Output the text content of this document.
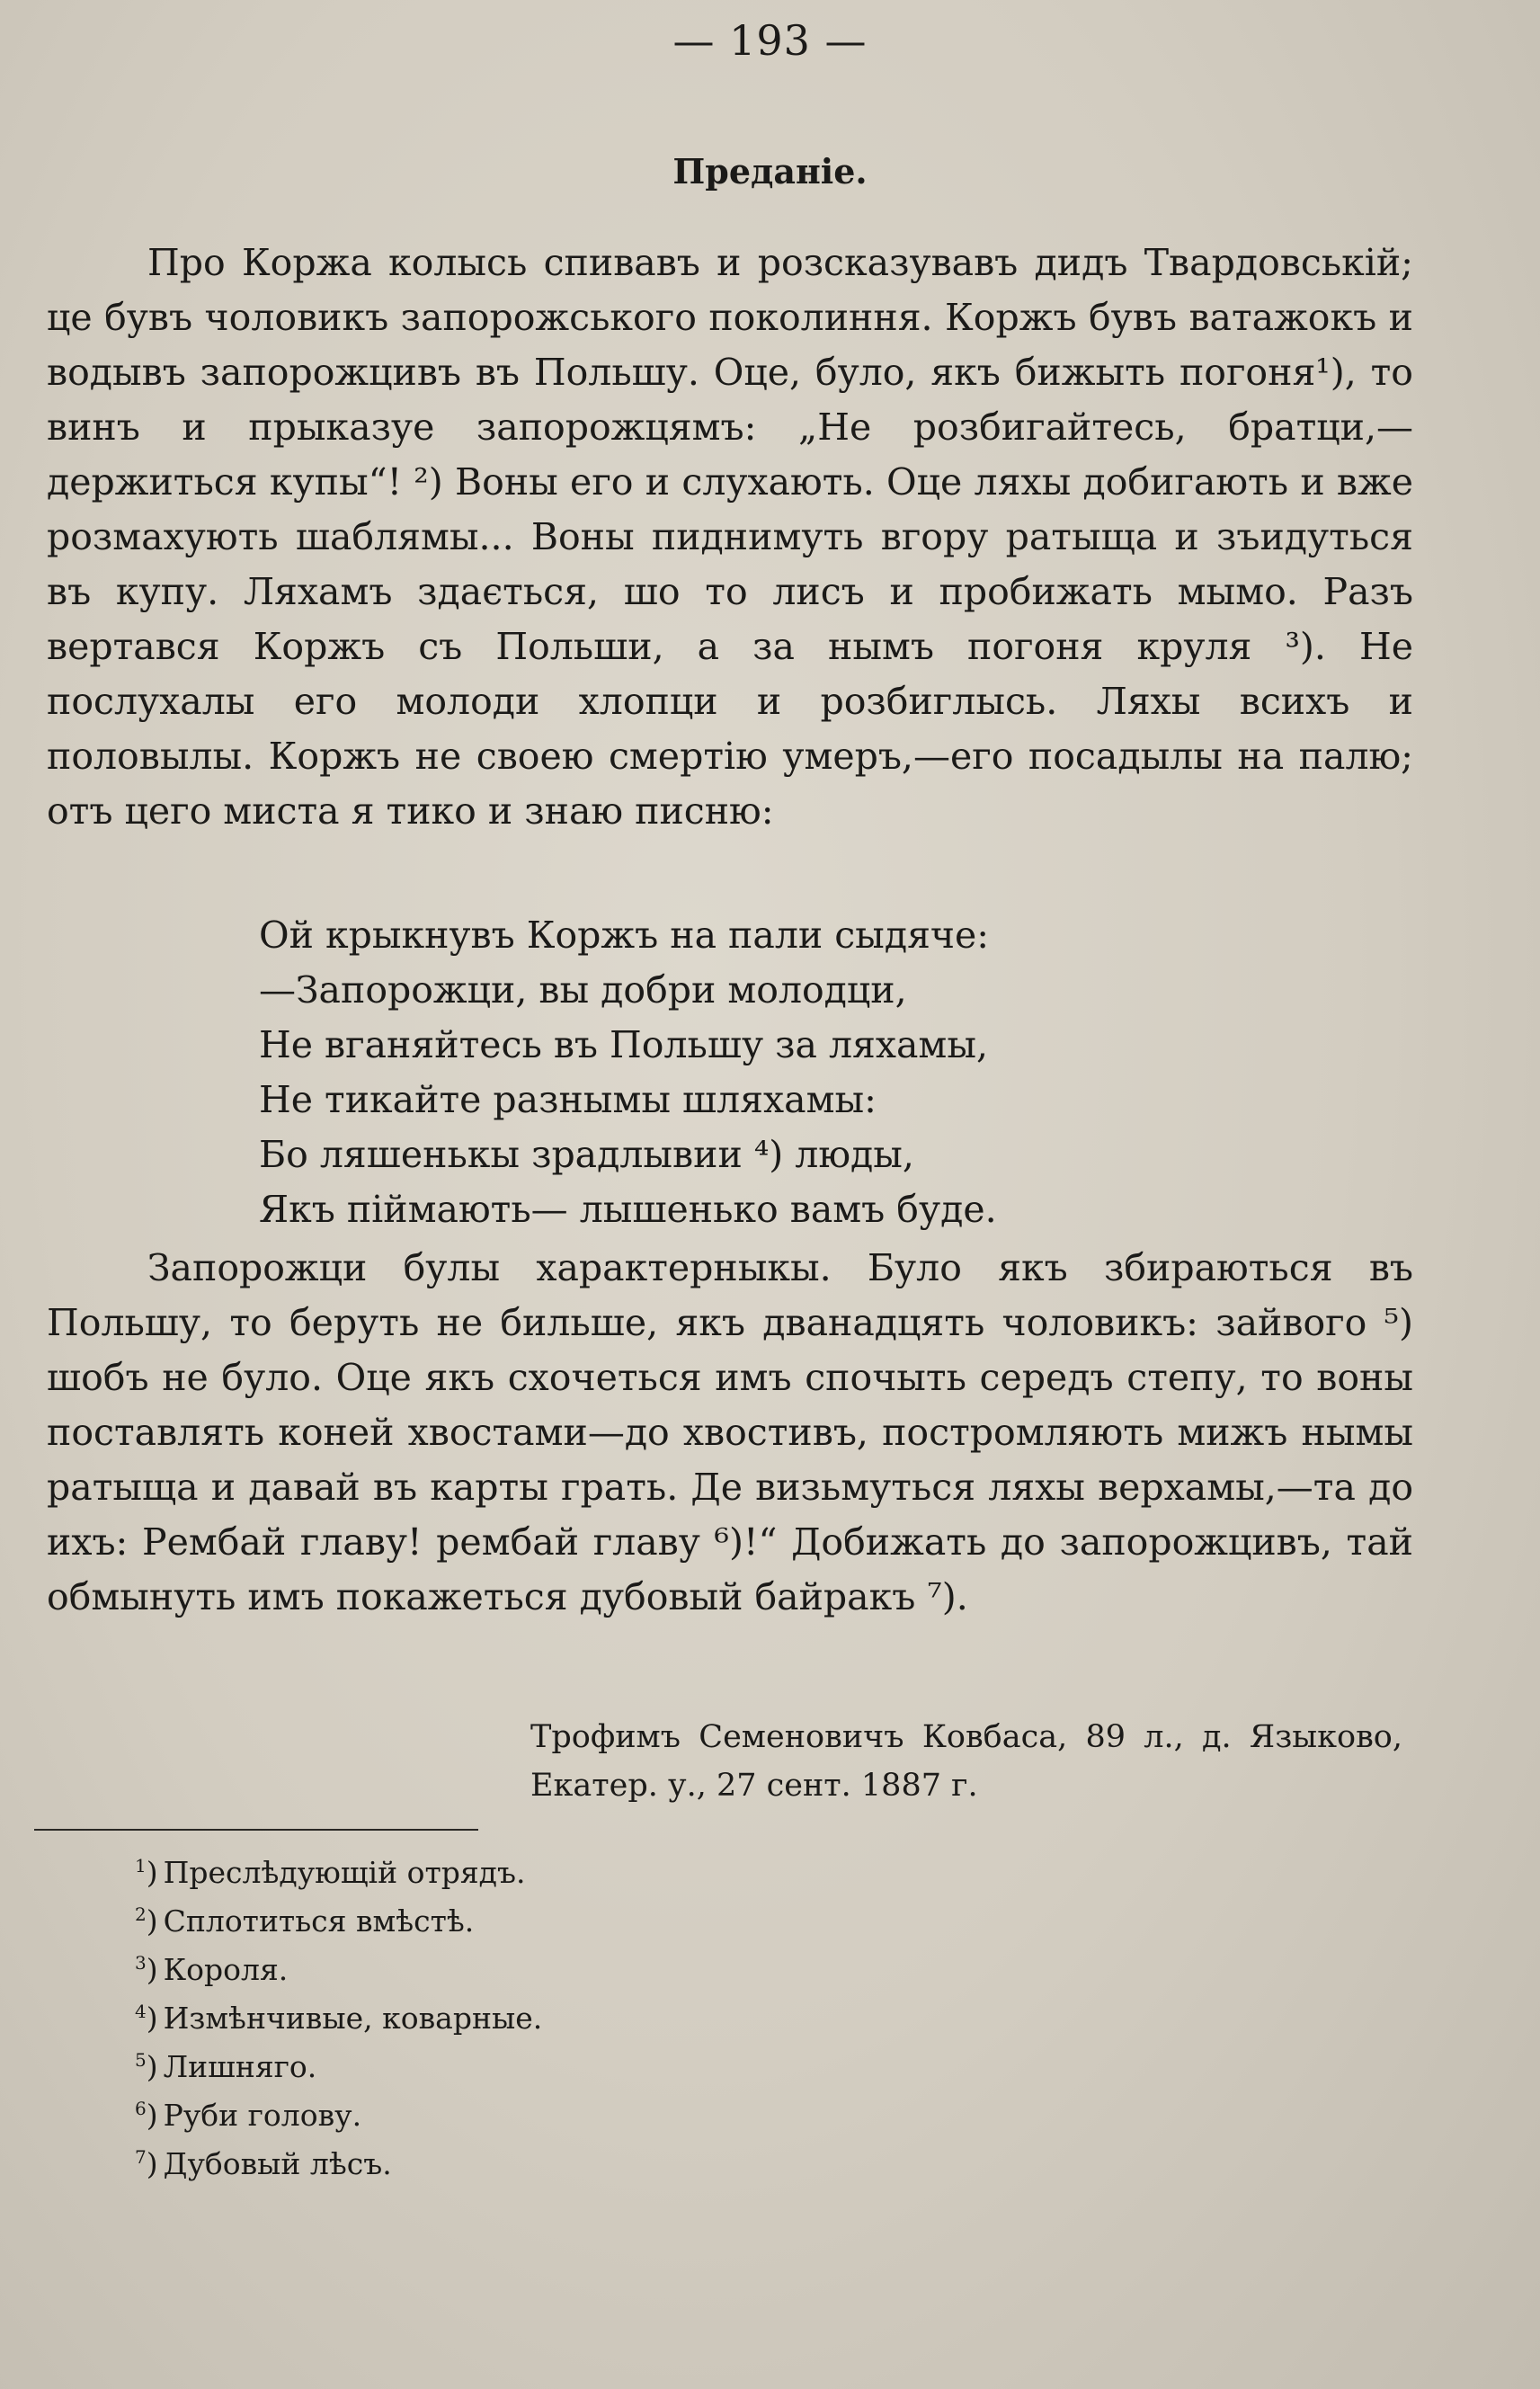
— 193 —
Преданіе.

Про Коржа колысь спивавъ и розсказувавъ дидъ Твардовській; це бувъ чоловикъ запорожського поколиння. Коржъ бувъ ватажокъ и водывъ запорожцивъ въ Польшу. Оце, було, якъ бижыть погоня¹), то винъ и прыказуе запорожцямъ: „Не розбигайтесь, братци,—держиться купы“! ²) Воны его и слухають. Оце ляхы добигають и вже розмахують шаблямы... Воны пиднимуть вгору ратыща и зъидуться въ купу. Ляхамъ здається, шо то лисъ и пробижать мымо. Разъ вертався Коржъ съ Польши, а за нымъ погоня круля ³). Не послухалы его молоди хлопци и розбиглысь. Ляхы всихъ и половылы. Коржъ не своею смертію умеръ,—его посадылы на палю; отъ цего миста я тико и знаю писню:

Ой крыкнувъ Коржъ на пали сыдяче:
—Запорожци, вы добри молодци,
Не вганяйтесь въ Польшу за ляхамы,
Не тикайте разнымы шляхамы:
Бо ляшенькы зрадлывии ⁴) люды,
Якъ пiймають— лышенько вамъ буде.

Запорожци булы характерныкы. Було якъ збираються въ Польшу, то беруть не бильше, якъ дванадцять чоловикъ: зайвого ⁵) шобъ не було. Оце якъ схочеться имъ спочыть середъ степу, то воны поставлять коней хвостами—до хвостивъ, постромляють мижъ нымы ратыща и давай въ карты грать. Де визьмуться ляхы верхамы,—та до ихъ: Рембай главу! рембай главу ⁶)!“ Добижать до запорожцивъ, тай обмынуть имъ покажеться дубовый байракъ ⁷).

Трофимъ Семеновичъ Ковбаса, 89 л., д. Языково, Екатер. у., 27 сент. 1887 г.
$^1$) Преслѣдующій отрядъ.
$^2$) Сплотиться вмѣстѣ.
$^3$) Короля.
$^4$) Измѣнчивые, коварные.
$^5$) Лишняго.
$^6$) Руби голову.
$^7$) Дубовый лѣсъ.
